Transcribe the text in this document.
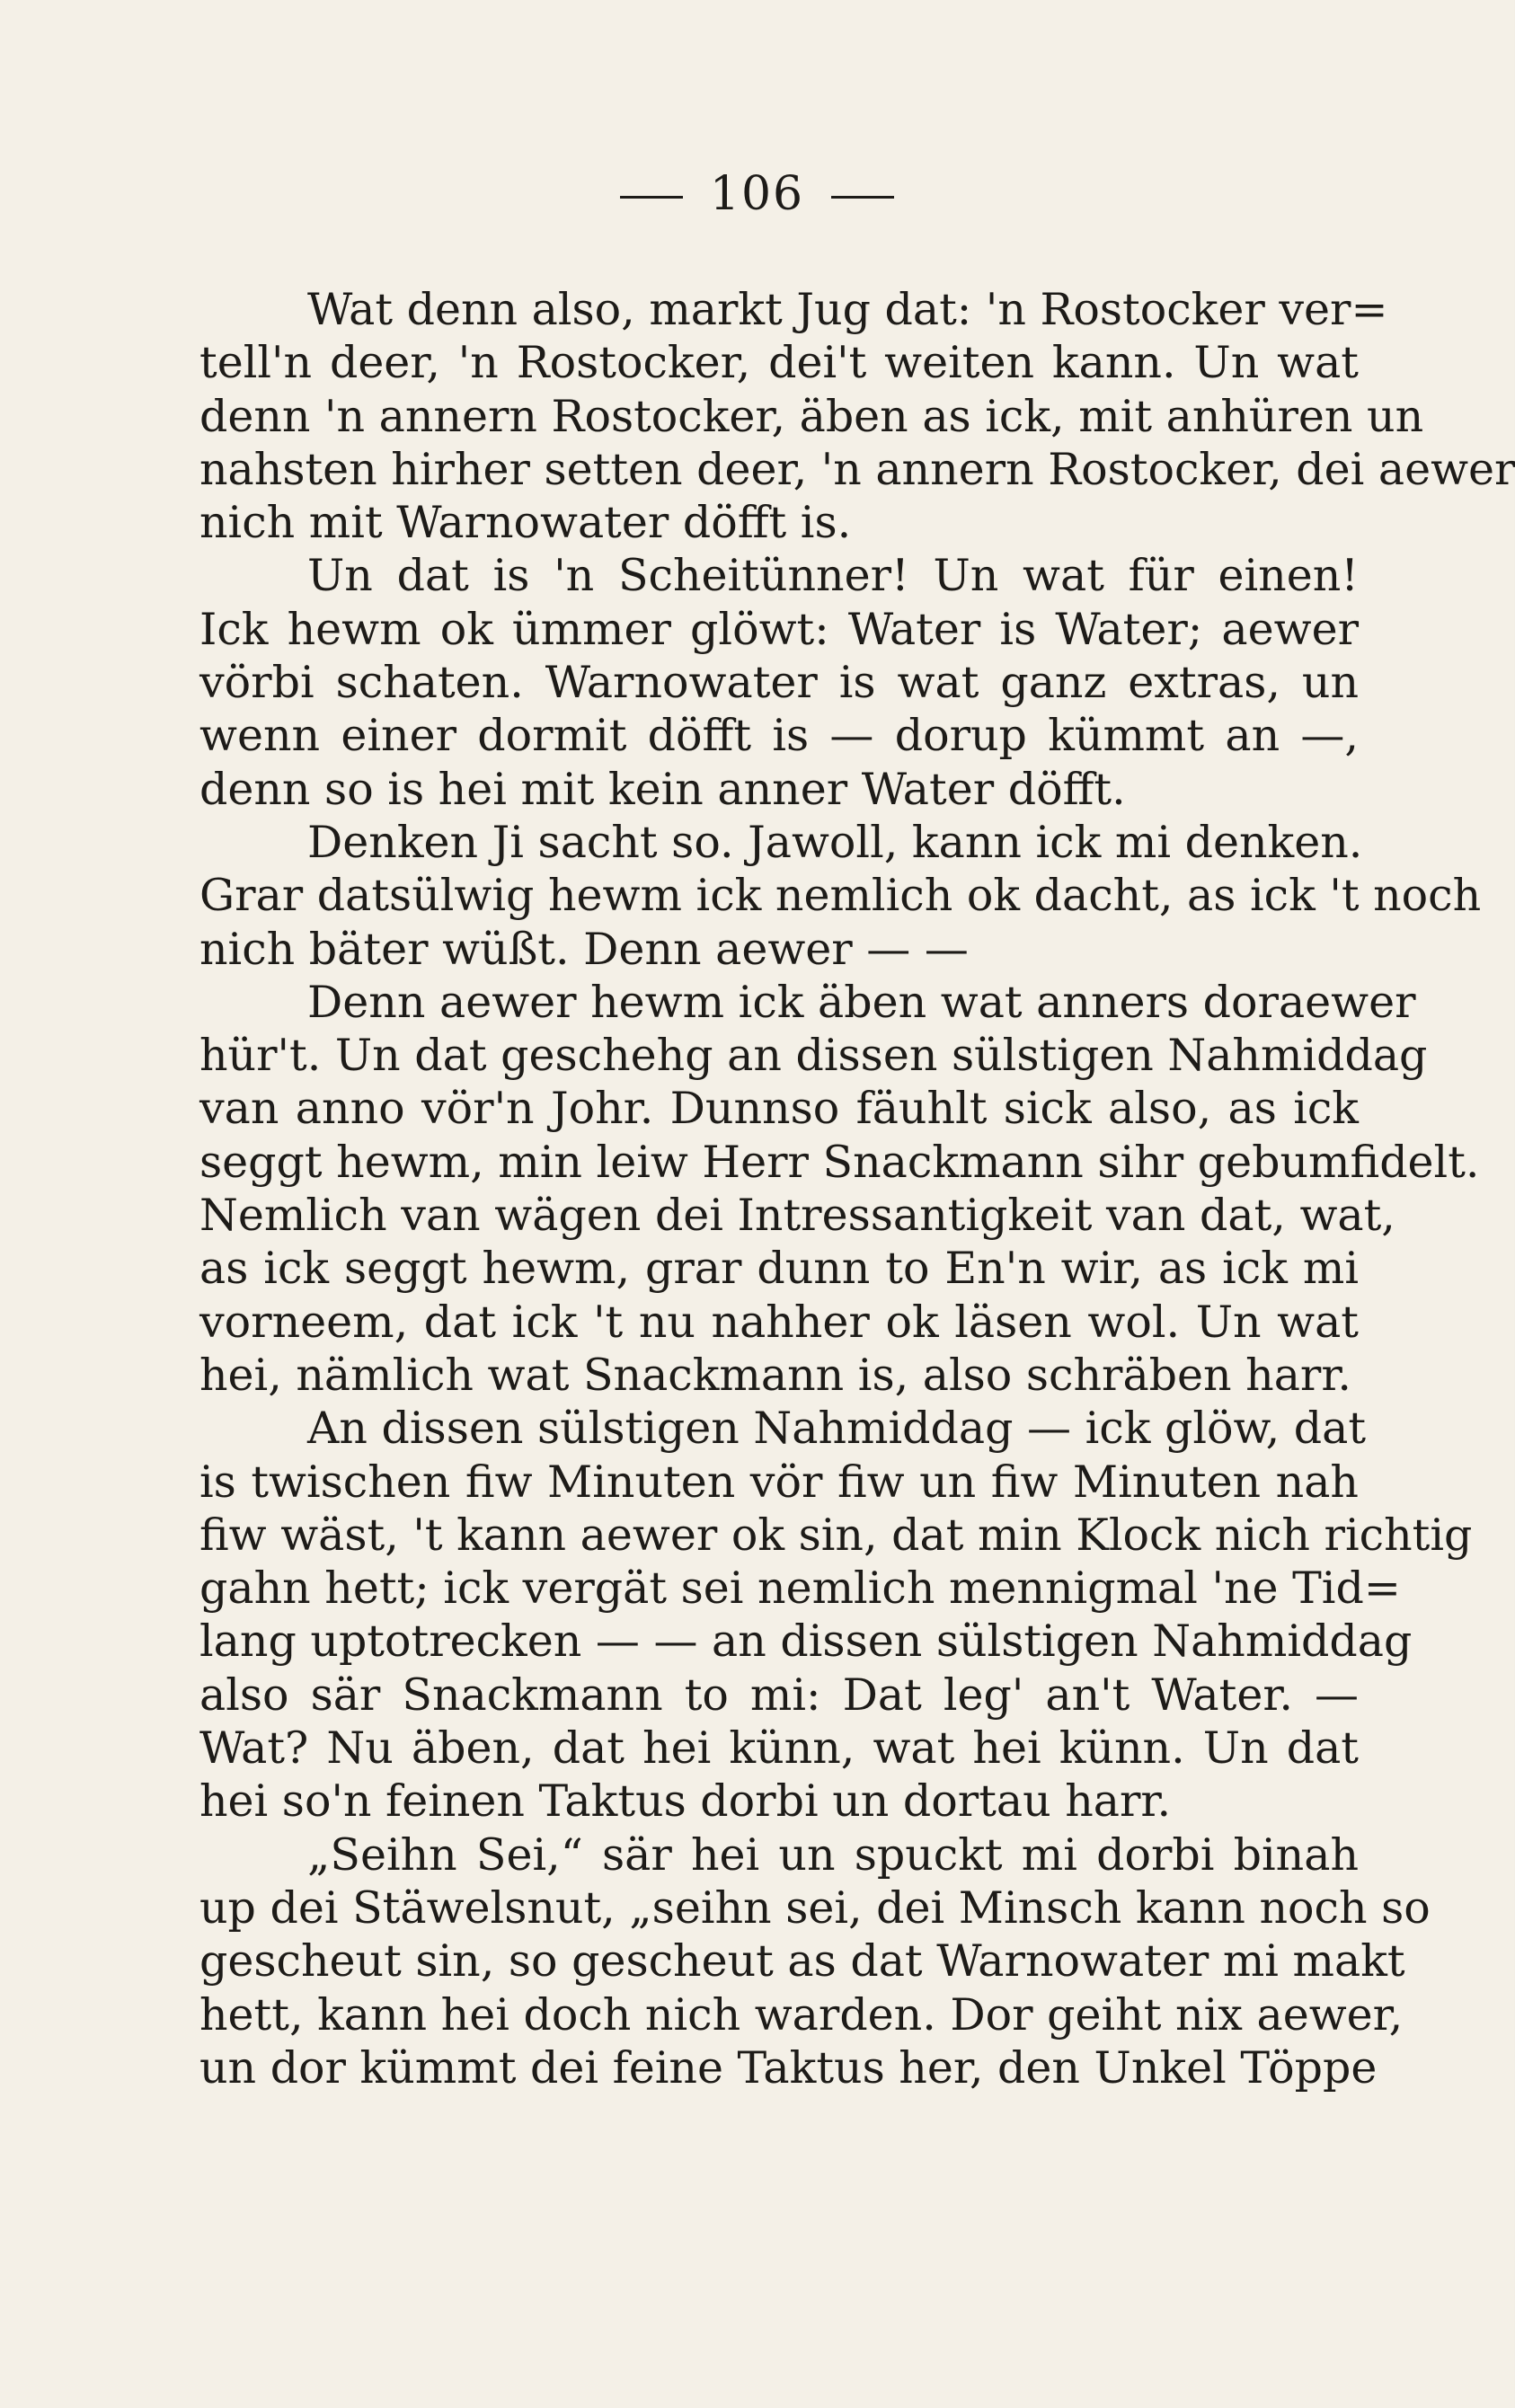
106
Wat denn also, markt Jug dat: 'n Rostocker ver=
tell'n deer, 'n Rostocker, dei't weiten kann. Un wat
denn 'n annern Rostocker, äben as ick, mit anhüren un
nahsten hirher setten deer, 'n annern Rostocker, dei aewer
nich mit Warnowater döfft is.
Un dat is 'n Scheitünner! Un wat für einen!
Ick hewm ok ümmer glöwt: Water is Water; aewer
vörbi schaten. Warnowater is wat ganz extras, un
wenn einer dormit döfft is — dorup kümmt an —,
denn so is hei mit kein anner Water döfft.
Denken Ji sacht so. Jawoll, kann ick mi denken.
Grar datsülwig hewm ick nemlich ok dacht, as ick 't noch
nich bäter wüßt. Denn aewer — —
Denn aewer hewm ick äben wat anners doraewer
hür't. Un dat geschehg an dissen sülstigen Nahmiddag
van anno vör'n Johr. Dunnso fäuhlt sick also, as ick
seggt hewm, min leiw Herr Snackmann sihr gebumfidelt.
Nemlich van wägen dei Intressantigkeit van dat, wat,
as ick seggt hewm, grar dunn to En'n wir, as ick mi
vorneem, dat ick 't nu nahher ok läsen wol. Un wat
hei, nämlich wat Snackmann is, also schräben harr.
An dissen sülstigen Nahmiddag — ick glöw, dat
is twischen fiw Minuten vör fiw un fiw Minuten nah
fiw wäst, 't kann aewer ok sin, dat min Klock nich richtig
gahn hett; ick vergät sei nemlich mennigmal 'ne Tid=
lang uptotrecken — — an dissen sülstigen Nahmiddag
also sär Snackmann to mi: Dat leg' an't Water. —
Wat? Nu äben, dat hei künn, wat hei künn. Un dat
hei so'n feinen Taktus dorbi un dortau harr.
„Seihn Sei,“ sär hei un spuckt mi dorbi binah
up dei Stäwelsnut, „seihn sei, dei Minsch kann noch so
gescheut sin, so gescheut as dat Warnowater mi makt
hett, kann hei doch nich warden. Dor geiht nix aewer,
un dor kümmt dei feine Taktus her, den Unkel Töppe
